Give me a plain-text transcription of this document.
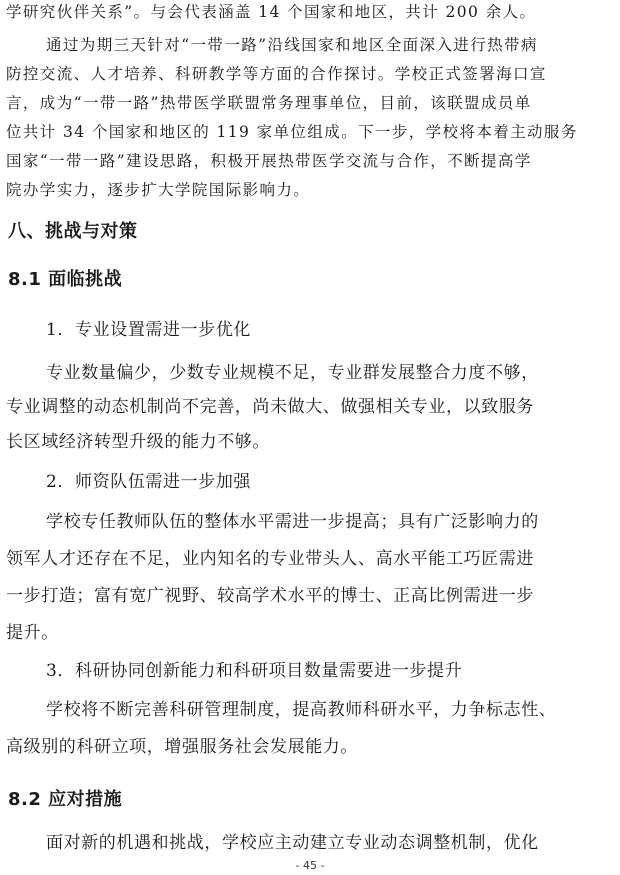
学研究伙伴关系”。与会代表涵盖 14 个国家和地区，共计 200 余人。
通过为期三天针对“一带一路”沿线国家和地区全面深入进行热带病
防控交流、人才培养、科研教学等方面的合作探讨。学校正式签署海口宣
言，成为“一带一路”热带医学联盟常务理事单位，目前，该联盟成员单
位共计 34 个国家和地区的 119 家单位组成。下一步，学校将本着主动服务
国家“一带一路”建设思路，积极开展热带医学交流与合作，不断提高学
院办学实力，逐步扩大学院国际影响力。
八、挑战与对策
8.1 面临挑战
1．专业设置需进一步优化
专业数量偏少，少数专业规模不足，专业群发展整合力度不够，
专业调整的动态机制尚不完善，尚未做大、做强相关专业，以致服务
长区域经济转型升级的能力不够。
2．师资队伍需进一步加强
学校专任教师队伍的整体水平需进一步提高；具有广泛影响力的
领军人才还存在不足，业内知名的专业带头人、高水平能工巧匠需进
一步打造；富有宽广视野、较高学术水平的博士、正高比例需进一步
提升。
3．科研协同创新能力和科研项目数量需要进一步提升
学校将不断完善科研管理制度，提高教师科研水平，力争标志性、
高级别的科研立项，增强服务社会发展能力。
8.2 应对措施
面对新的机遇和挑战，学校应主动建立专业动态调整机制，优化
- 45 -
